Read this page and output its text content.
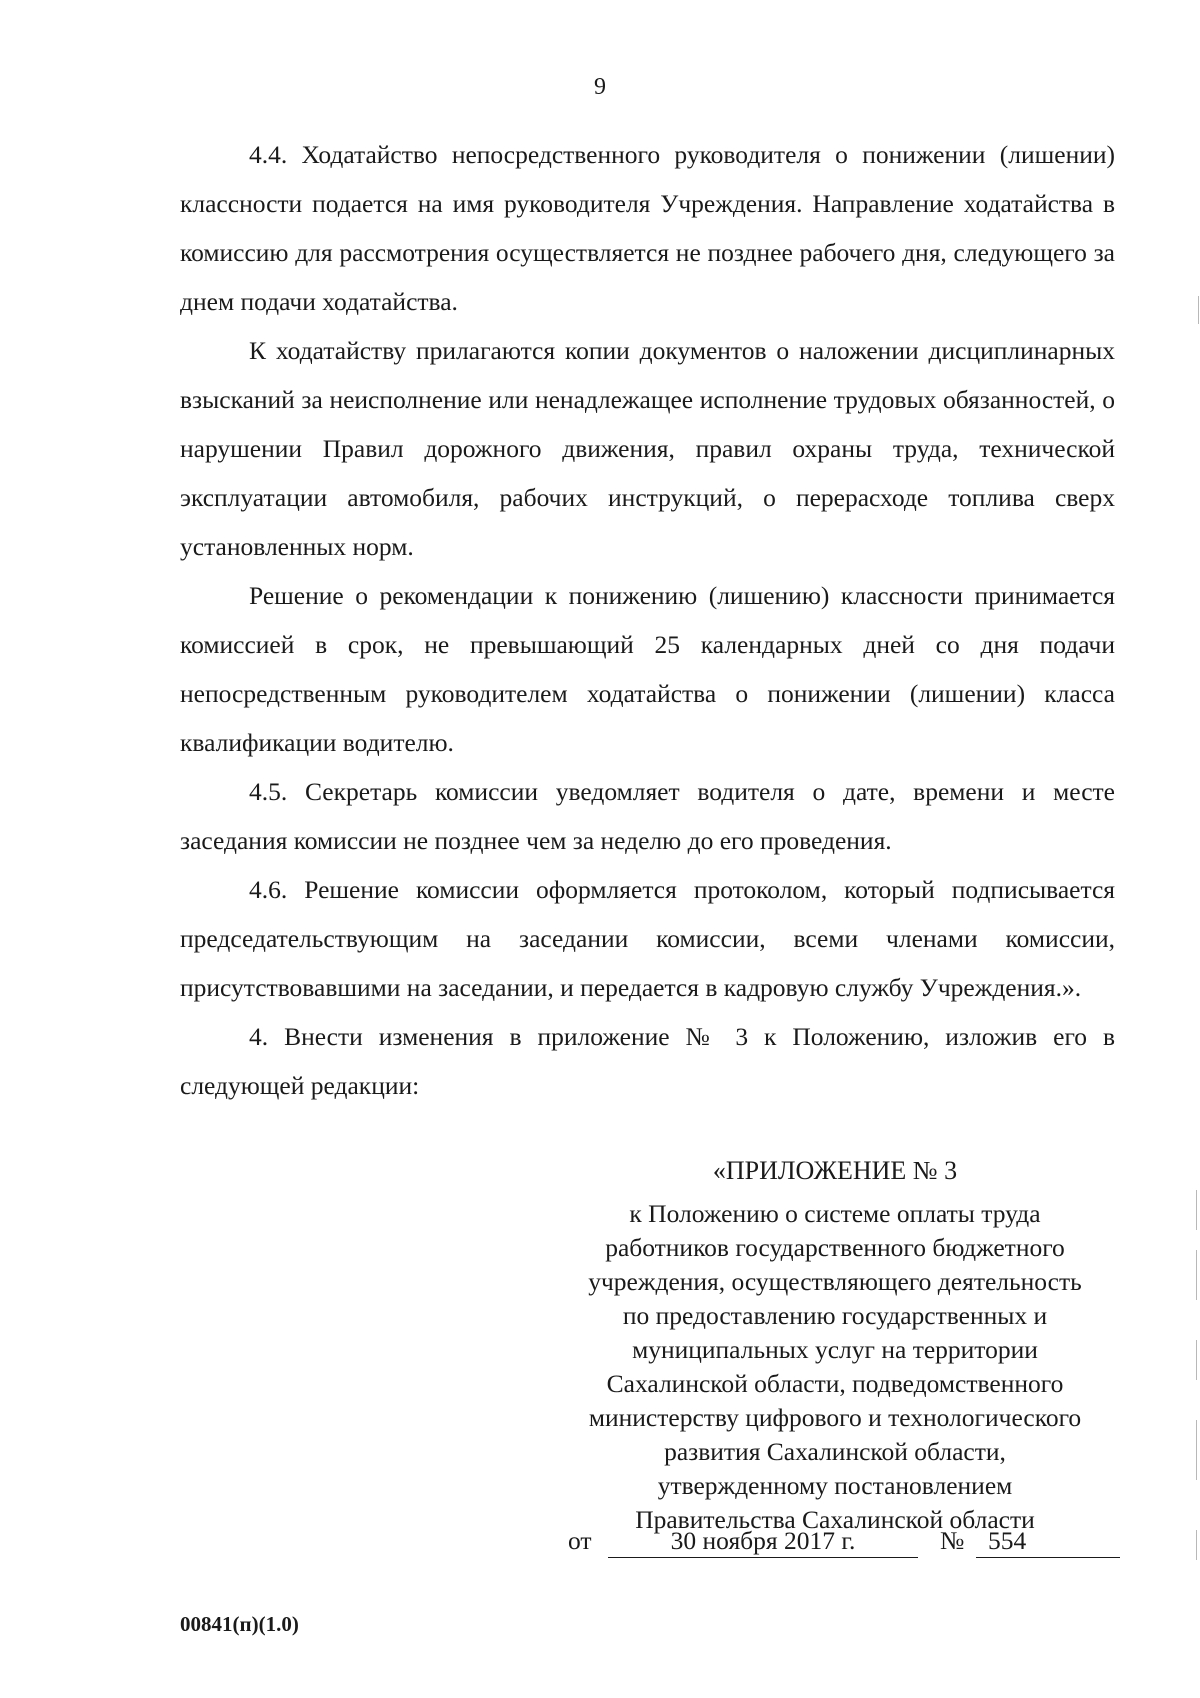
9

4.4. Ходатайство непосредственного руководителя о понижении (лишении) классности подается на имя руководителя Учреждения. Направление ходатайства в комиссию для рассмотрения осуществляется не позднее рабочего дня, следующего за днем подачи ходатайства.

К ходатайству прилагаются копии документов о наложении дисциплинарных взысканий за неисполнение или ненадлежащее исполнение трудовых обязанностей, о нарушении Правил дорожного движения, правил охраны труда, технической эксплуатации автомобиля, рабочих инструкций, о перерасходе топлива сверх установленных норм.

Решение о рекомендации к понижению (лишению) классности принимается комиссией в срок, не превышающий 25 календарных дней со дня подачи непосредственным руководителем ходатайства о понижении (лишении) класса квалификации водителю.

4.5. Секретарь комиссии уведомляет водителя о дате, времени и месте заседания комиссии не позднее чем за неделю до его проведения.

4.6. Решение комиссии оформляется протоколом, который подписывается председательствующим на заседании комиссии, всеми членами комиссии, присутствовавшими на заседании, и передается в кадровую службу Учреждения.».

4. Внести изменения в приложение № 3 к Положению, изложив его в следующей редакции:

«ПРИЛОЖЕНИЕ № 3

к Положению о системе оплаты труда

работников государственного бюджетного

учреждения, осуществляющего деятельность

по предоставлению государственных и

муниципальных услуг на территории

Сахалинской области, подведомственного

министерству цифрового и технологического

развития Сахалинской области,

утвержденному постановлением

Правительства Сахалинской области

от	30 ноября 2017 г.	№ 554
00841(п)(1.0)
